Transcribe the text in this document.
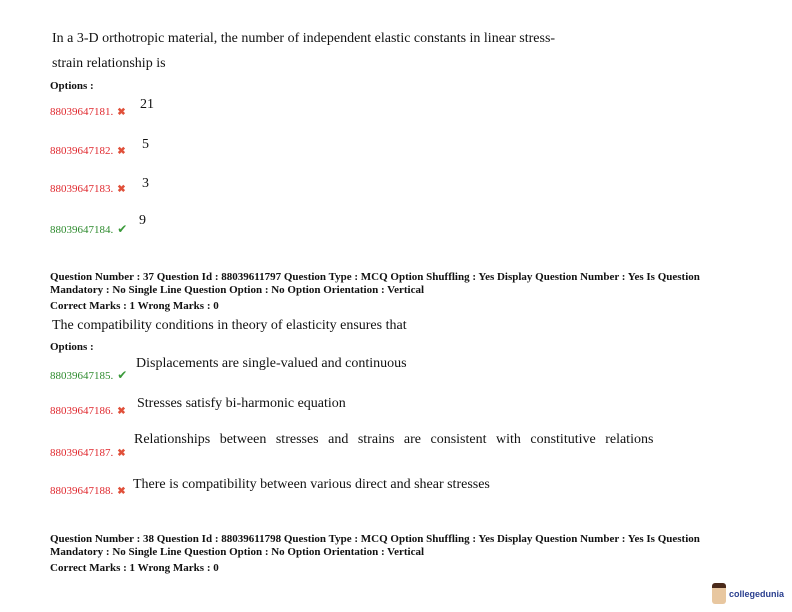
In a 3-D orthotropic material, the number of independent elastic constants in linear stress-
strain relationship is
Options :
88039647181. ✖
21
88039647182. ✖ 5
88039647183. ✖ 3
88039647184. ✔
9
Question Number : 37 Question Id : 88039611797 Question Type : MCQ Option Shuffling : Yes Display Question Number : Yes Is Question
Mandatory : No Single Line Question Option : No Option Orientation : Vertical
Correct Marks : 1 Wrong Marks : 0
The compatibility conditions in theory of elasticity ensures that
Options :
88039647185. ✔
Displacements are single-valued and continuous
88039647186. ✖
Stresses satisfy bi-harmonic equation
88039647187. ✖
Relationships between stresses and strains are consistent with constitutive relations
88039647188. ✖ There is compatibility between various direct and shear stresses
Question Number : 38 Question Id : 88039611798 Question Type : MCQ Option Shuffling : Yes Display Question Number : Yes Is Question
Mandatory : No Single Line Question Option : No Option Orientation : Vertical
Correct Marks : 1 Wrong Marks : 0
collegedunia
